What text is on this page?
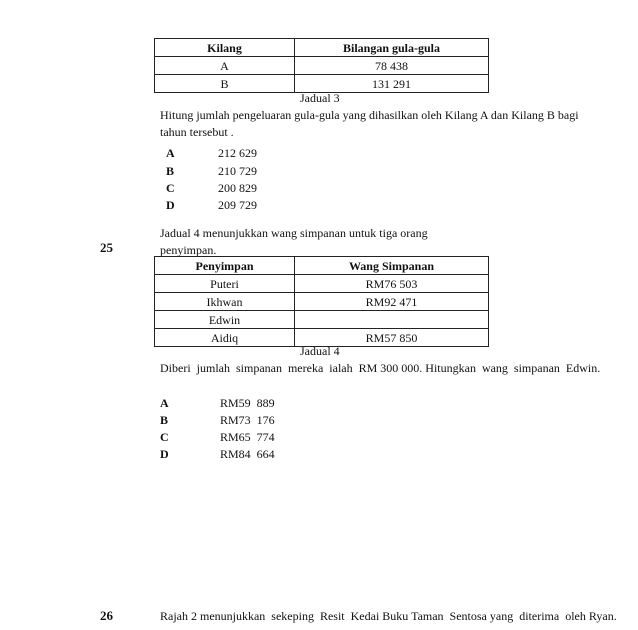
Kilang	Bilangan gula-gula
A	78 438
B	131 291
Jadual 3
Hitung jumlah pengeluaran gula-gula yang dihasilkan oleh Kilang A dan Kilang B bagi
tahun tersebut .
A	212 629
B	210 729
C	200 829
D	209 729
25
Jadual 4 menunjukkan wang simpanan untuk tiga orang
penyimpan.
Penyimpan	Wang Simpanan
Puteri	RM76 503
Ikhwan	RM92 471
Edwin	
Aidiq	RM57 850
Jadual 4
Diberi  jumlah  simpanan  mereka  ialah  RM 300 000. Hitungkan  wang  simpanan  Edwin.
A	RM59  889
B	RM73  176
C	RM65  774
D	RM84  664
26	Rajah 2 menunjukkan  sekeping  Resit  Kedai Buku Taman  Sentosa yang  diterima  oleh Ryan.
